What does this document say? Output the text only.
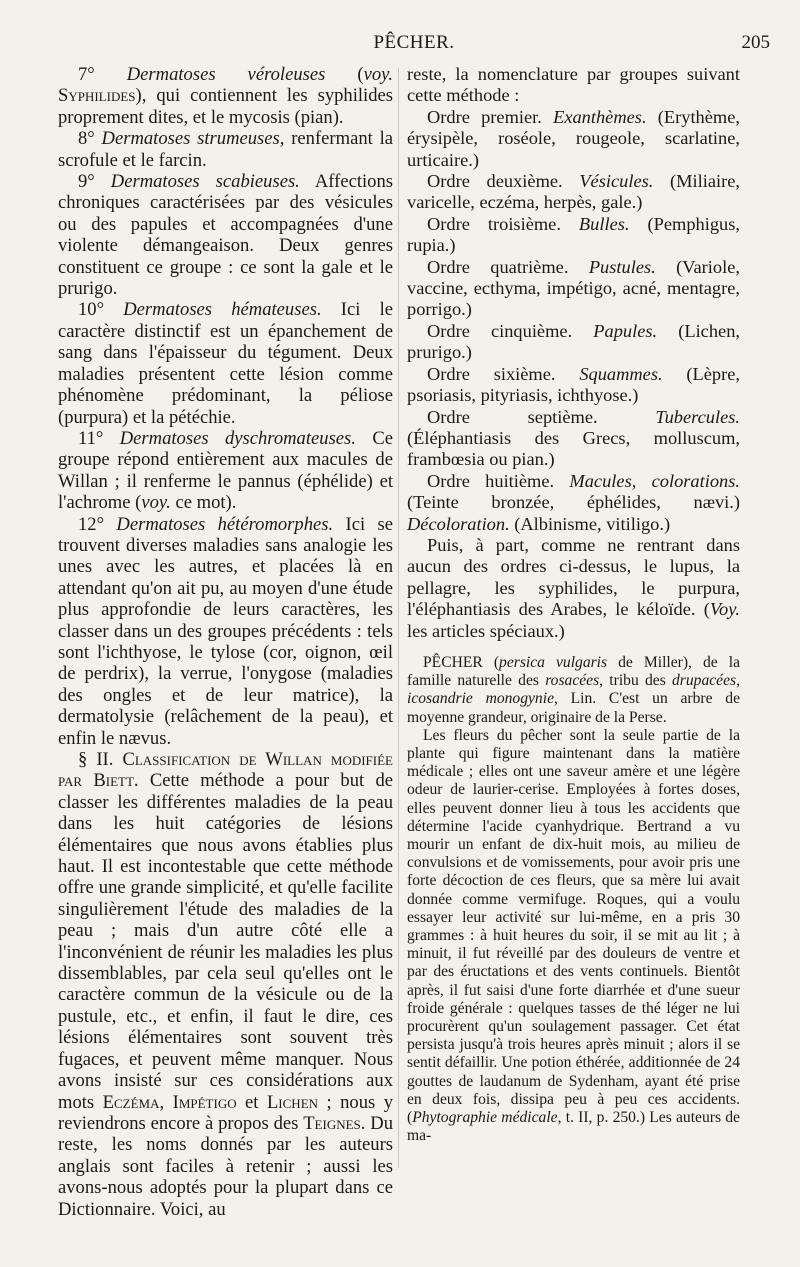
PÊCHER.	205

7° Dermatoses véroleuses (voy. Syphilides), qui contiennent les syphilides proprement dites, et le mycosis (pian).

8° Dermatoses strumeuses, renfermant la scrofule et le farcin.

9° Dermatoses scabieuses. Affections chroniques caractérisées par des vésicules ou des papules et accompagnées d'une violente démangeaison. Deux genres constituent ce groupe : ce sont la gale et le prurigo.

10° Dermatoses hémateuses. Ici le caractère distinctif est un épanchement de sang dans l'épaisseur du tégument. Deux maladies présentent cette lésion comme phénomène prédominant, la péliose (purpura) et la pétéchie.

11° Dermatoses dyschromateuses. Ce groupe répond entièrement aux macules de Willan ; il renferme le pannus (éphélide) et l'achrome (voy. ce mot).

12° Dermatoses hétéromorphes. Ici se trouvent diverses maladies sans analogie les unes avec les autres, et placées là en attendant qu'on ait pu, au moyen d'une étude plus approfondie de leurs caractères, les classer dans un des groupes précédents : tels sont l'ichthyose, le tylose (cor, oignon, œil de perdrix), la verrue, l'onygose (maladies des ongles et de leur matrice), la dermatolysie (relâchement de la peau), et enfin le nævus.

§ II. Classification de Willan modifiée par Biett. Cette méthode a pour but de classer les différentes maladies de la peau dans les huit catégories de lésions élémentaires que nous avons établies plus haut. Il est incontestable que cette méthode offre une grande simplicité, et qu'elle facilite singulièrement l'étude des maladies de la peau ; mais d'un autre côté elle a l'inconvénient de réunir les maladies les plus dissemblables, par cela seul qu'elles ont le caractère commun de la vésicule ou de la pustule, etc., et enfin, il faut le dire, ces lésions élémentaires sont souvent très fugaces, et peuvent même manquer. Nous avons insisté sur ces considérations aux mots Eczéma, Impétigo et Lichen ; nous y reviendrons encore à propos des Teignes. Du reste, les noms donnés par les auteurs anglais sont faciles à retenir ; aussi les avons-nous adoptés pour la plupart dans ce Dictionnaire. Voici, au

reste, la nomenclature par groupes suivant cette méthode :

Ordre premier. Exanthèmes. (Erythème, érysipèle, roséole, rougeole, scarlatine, urticaire.)

Ordre deuxième. Vésicules. (Miliaire, varicelle, eczéma, herpès, gale.)

Ordre troisième. Bulles. (Pemphigus, rupia.)

Ordre quatrième. Pustules. (Variole, vaccine, ecthyma, impétigo, acné, mentagre, porrigo.)

Ordre cinquième. Papules. (Lichen, prurigo.)

Ordre sixième. Squammes. (Lèpre, psoriasis, pityriasis, ichthyose.)

Ordre septième.	Tubercules. (Éléphantiasis des Grecs, molluscum, frambœsia ou pian.)

Ordre huitième. Macules, colorations. (Teinte bronzée, éphélides, nævi.) Décoloration. (Albinisme, vitiligo.)

Puis, à part, comme ne rentrant dans aucun des ordres ci-dessus, le lupus, la pellagre, les syphilides, le purpura, l'éléphantiasis des Arabes, le kéloïde. (Voy. les articles spéciaux.)

PÊCHER (persica vulgaris de Miller), de la famille naturelle des rosacées, tribu des drupacées, icosandrie monogynie, Lin. C'est un arbre de moyenne grandeur, originaire de la Perse.

Les fleurs du pêcher sont la seule partie de la plante qui figure maintenant dans la matière médicale ; elles ont une saveur amère et une légère odeur de laurier-cerise. Employées à fortes doses, elles peuvent donner lieu à tous les accidents que détermine l'acide cyanhydrique. Bertrand a vu mourir un enfant de dix-huit mois, au milieu de convulsions et de vomissements, pour avoir pris une forte décoction de ces fleurs, que sa mère lui avait donnée comme vermifuge. Roques, qui a voulu essayer leur activité sur lui-même, en a pris 30 grammes : à huit heures du soir, il se mit au lit ; à minuit, il fut réveillé par des douleurs de ventre et par des éructations et des vents continuels. Bientôt après, il fut saisi d'une forte diarrhée et d'une sueur froide générale : quelques tasses de thé léger ne lui procurèrent qu'un soulagement passager. Cet état persista jusqu'à trois heures après minuit ; alors il se sentit défaillir. Une potion éthérée, additionnée de 24 gouttes de laudanum de Sydenham, ayant été prise en deux fois, dissipa peu à peu ces accidents. (Phytographie médicale, t. II, p. 250.) Les auteurs de ma-
